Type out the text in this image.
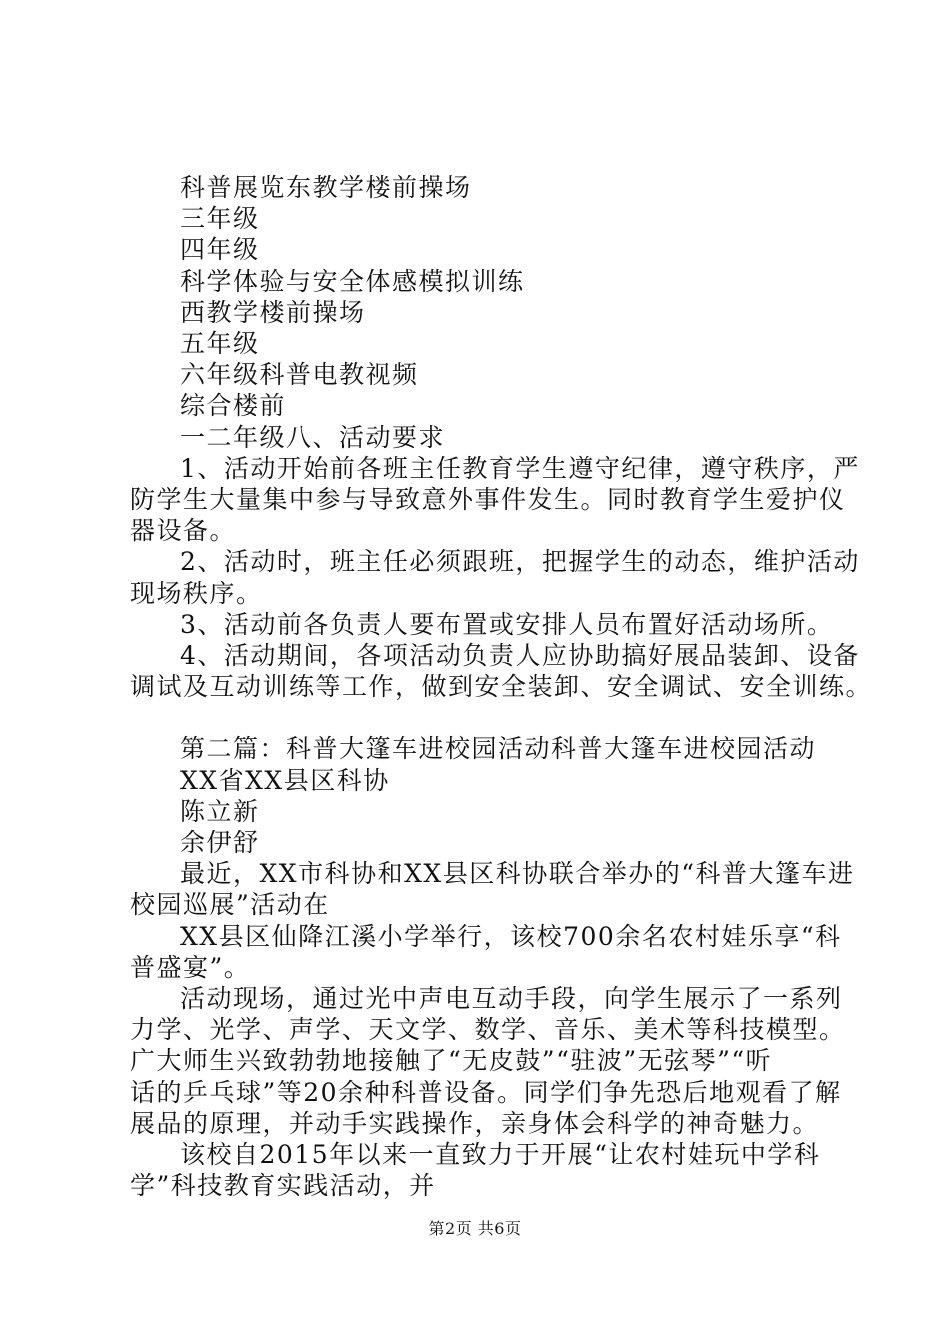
科普展览东教学楼前操场
三年级
四年级
科学体验与安全体感模拟训练
西教学楼前操场
五年级
六年级科普电教视频
综合楼前
一二年级八、活动要求
1、活动开始前各班主任教育学生遵守纪律，遵守秩序，严
防学生大量集中参与导致意外事件发生。同时教育学生爱护仪
器设备。
2、活动时，班主任必须跟班，把握学生的动态，维护活动
现场秩序。
3、活动前各负责人要布置或安排人员布置好活动场所。
4、活动期间，各项活动负责人应协助搞好展品装卸、设备
调试及互动训练等工作，做到安全装卸、安全调试、安全训练。
第二篇：科普大篷车进校园活动科普大篷车进校园活动
XX省XX县区科协
陈立新
余伊舒
最近，XX市科协和XX县区科协联合举办的“科普大篷车进
校园巡展”活动在
XX县区仙降江溪小学举行，该校700余名农村娃乐享“科
普盛宴”。
活动现场，通过光中声电互动手段，向学生展示了一系列
力学、光学、声学、天文学、数学、音乐、美术等科技模型。
广大师生兴致勃勃地接触了“无皮鼓”“驻波”无弦琴”“听
话的乒乓球”等20余种科普设备。同学们争先恐后地观看了解
展品的原理，并动手实践操作，亲身体会科学的神奇魅力。
该校自2015年以来一直致力于开展“让农村娃玩中学科
学”科技教育实践活动，并
第2页 共6页
